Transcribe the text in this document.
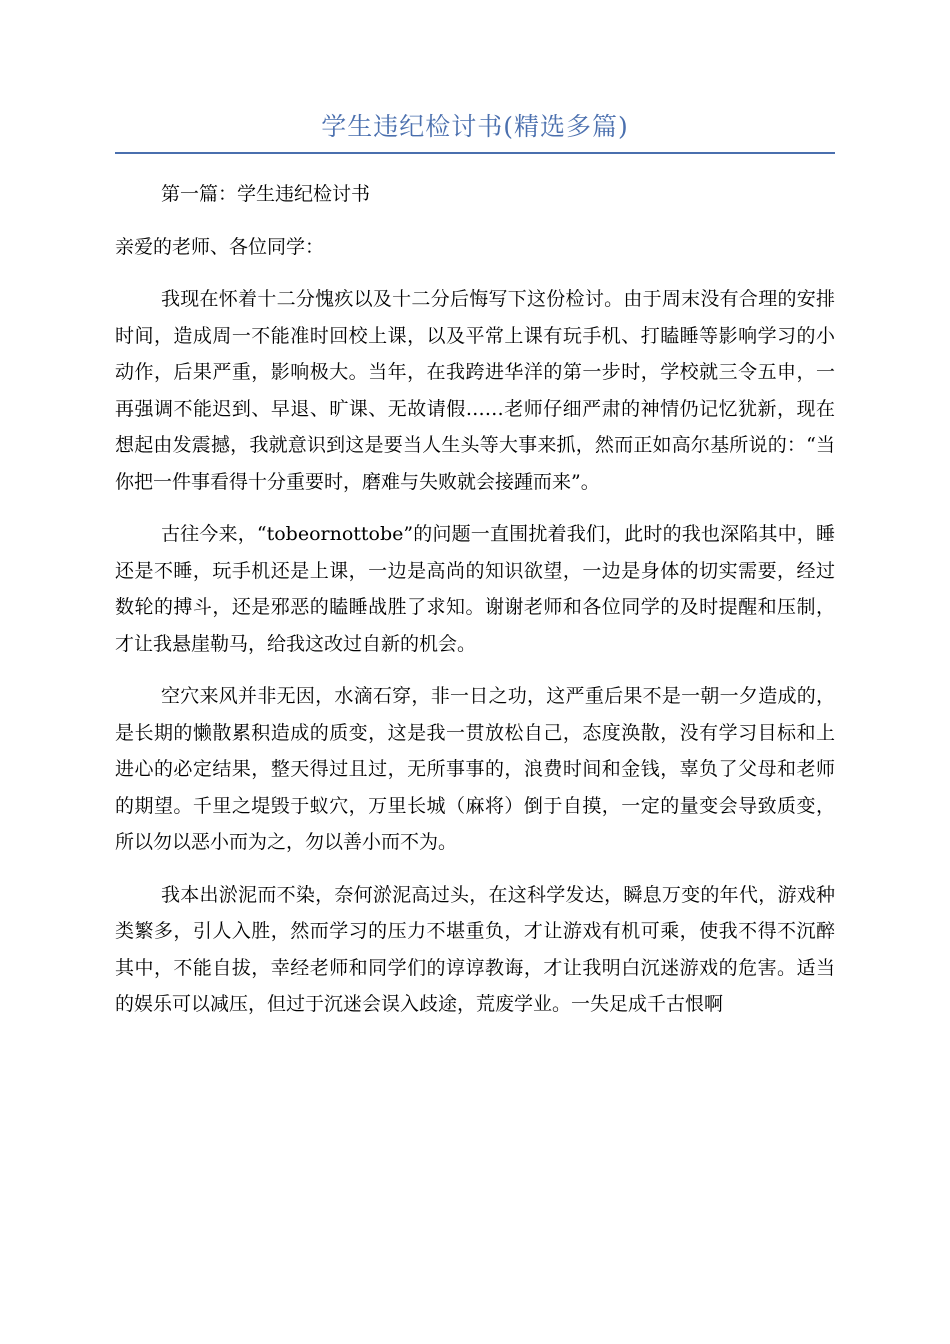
学生违纪检讨书(精选多篇)

第一篇：学生违纪检讨书

亲爱的老师、各位同学：

我现在怀着十二分愧疚以及十二分后悔写下这份检讨。由于周末没有合理的安排时间，造成周一不能准时回校上课，以及平常上课有玩手机、打瞌睡等影响学习的小动作，后果严重，影响极大。当年，在我跨进华洋的第一步时，学校就三令五申，一再强调不能迟到、早退、旷课、无故请假……老师仔细严肃的神情仍记忆犹新，现在想起由发震撼，我就意识到这是要当人生头等大事来抓，然而正如高尔基所说的：“当你把一件事看得十分重要时，磨难与失败就会接踵而来”。

古往今来，“tobeornottobe”的问题一直围扰着我们，此时的我也深陷其中，睡还是不睡，玩手机还是上课，一边是高尚的知识欲望，一边是身体的切实需要，经过数轮的搏斗，还是邪恶的瞌睡战胜了求知。谢谢老师和各位同学的及时提醒和压制，才让我悬崖勒马，给我这改过自新的机会。

空穴来风并非无因，水滴石穿，非一日之功，这严重后果不是一朝一夕造成的，是长期的懒散累积造成的质变，这是我一贯放松自己，态度涣散，没有学习目标和上进心的必定结果，整天得过且过，无所事事的，浪费时间和金钱，辜负了父母和老师的期望。千里之堤毁于蚁穴，万里长城（麻将）倒于自摸，一定的量变会导致质变，所以勿以恶小而为之，勿以善小而不为。

我本出淤泥而不染，奈何淤泥高过头，在这科学发达，瞬息万变的年代，游戏种类繁多，引人入胜，然而学习的压力不堪重负，才让游戏有机可乘，使我不得不沉醉其中，不能自拔，幸经老师和同学们的谆谆教诲，才让我明白沉迷游戏的危害。适当的娱乐可以减压，但过于沉迷会误入歧途，荒废学业。一失足成千古恨啊
